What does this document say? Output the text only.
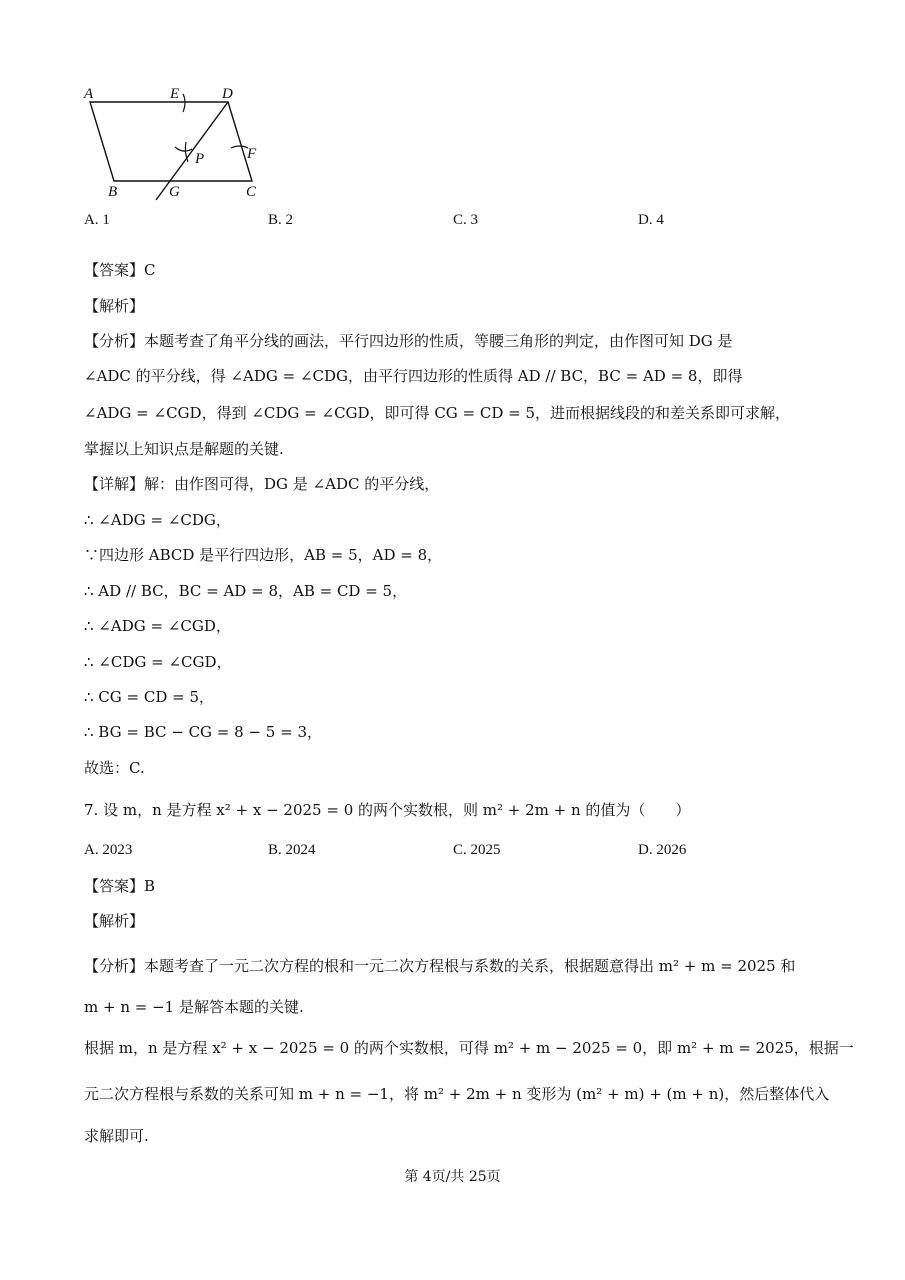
A	E	D
P	F
B	G	C
A. 1	B. 2	C. 3	D. 4
【答案】C
【解析】
【分析】本题考查了角平分线的画法，平行四边形的性质，等腰三角形的判定，由作图可知 DG 是
∠ADC 的平分线，得 ∠ADG = ∠CDG，由平行四边形的性质得 AD // BC，BC = AD = 8，即得
∠ADG = ∠CGD，得到 ∠CDG = ∠CGD，即可得 CG = CD = 5，进而根据线段的和差关系即可求解，
掌握以上知识点是解题的关键.
【详解】解：由作图可得，DG 是 ∠ADC 的平分线，
∴ ∠ADG = ∠CDG，
∵四边形 ABCD 是平行四边形，AB = 5，AD = 8，
∴ AD // BC，BC = AD = 8，AB = CD = 5，
∴ ∠ADG = ∠CGD，
∴ ∠CDG = ∠CGD，
∴ CG = CD = 5，
∴ BG = BC − CG = 8 − 5 = 3，
故选：C.
7. 设 m，n 是方程 x² + x − 2025 = 0 的两个实数根，则 m² + 2m + n 的值为（　　）
A. 2023	B. 2024	C. 2025	D. 2026
【答案】B
【解析】
【分析】本题考查了一元二次方程的根和一元二次方程根与系数的关系，根据题意得出 m² + m = 2025 和
m + n = −1 是解答本题的关键.
根据 m，n 是方程 x² + x − 2025 = 0 的两个实数根，可得 m² + m − 2025 = 0，即 m² + m = 2025，根据一
元二次方程根与系数的关系可知 m + n = −1，将 m² + 2m + n 变形为 (m² + m) + (m + n)，然后整体代入
求解即可.
第 4页/共 25页
